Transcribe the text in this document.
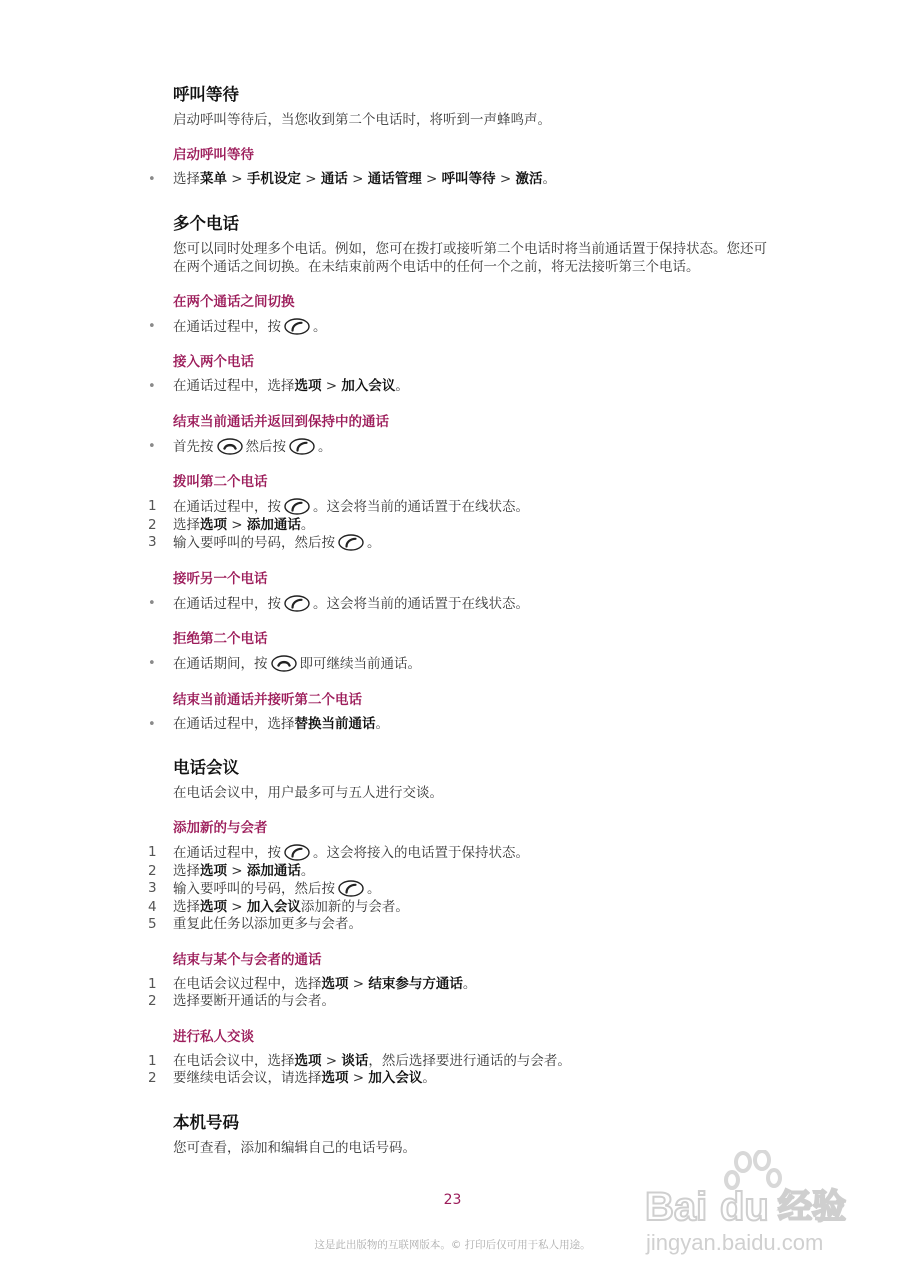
呼叫等待
启动呼叫等待后，当您收到第二个电话时，将听到一声蜂鸣声。
启动呼叫等待
•	选择菜单 > 手机设定 > 通话 > 通话管理 > 呼叫等待 > 激活。
多个电话
您可以同时处理多个电话。例如，您可在拨打或接听第二个电话时将当前通话置于保持状态。您还可在两个通话之间切换。在未结束前两个电话中的任何一个之前，将无法接听第三个电话。
在两个通话之间切换
•	在通话过程中，按 。
接入两个电话
•	在通话过程中，选择选项 > 加入会议。
结束当前通话并返回到保持中的通话
•	首先按 然后按 。
拨叫第二个电话
1 在通话过程中，按 。这会将当前的通话置于在线状态。
2 选择选项 > 添加通话。
3 输入要呼叫的号码，然后按 。
接听另一个电话
•	在通话过程中，按 。这会将当前的通话置于在线状态。
拒绝第二个电话
•	在通话期间，按 即可继续当前通话。
结束当前通话并接听第二个电话
•	在通话过程中，选择替换当前通话。
电话会议
在电话会议中，用户最多可与五人进行交谈。
添加新的与会者
1 在通话过程中，按 。这会将接入的电话置于保持状态。
2 选择选项 > 添加通话。
3 输入要呼叫的号码，然后按 。
4 选择选项 > 加入会议添加新的与会者。
5 重复此任务以添加更多与会者。
结束与某个与会者的通话
1 在电话会议过程中，选择选项 > 结束参与方通话。
2 选择要断开通话的与会者。
进行私人交谈
1 在电话会议中，选择选项 > 谈话，然后选择要进行通话的与会者。
2 要继续电话会议，请选择选项 > 加入会议。
本机号码
您可查看，添加和编辑自己的电话号码。
23
这是此出版物的互联网版本。© 打印后仅可用于私人用途。
Bai du 经验
jingyan.baidu.com
